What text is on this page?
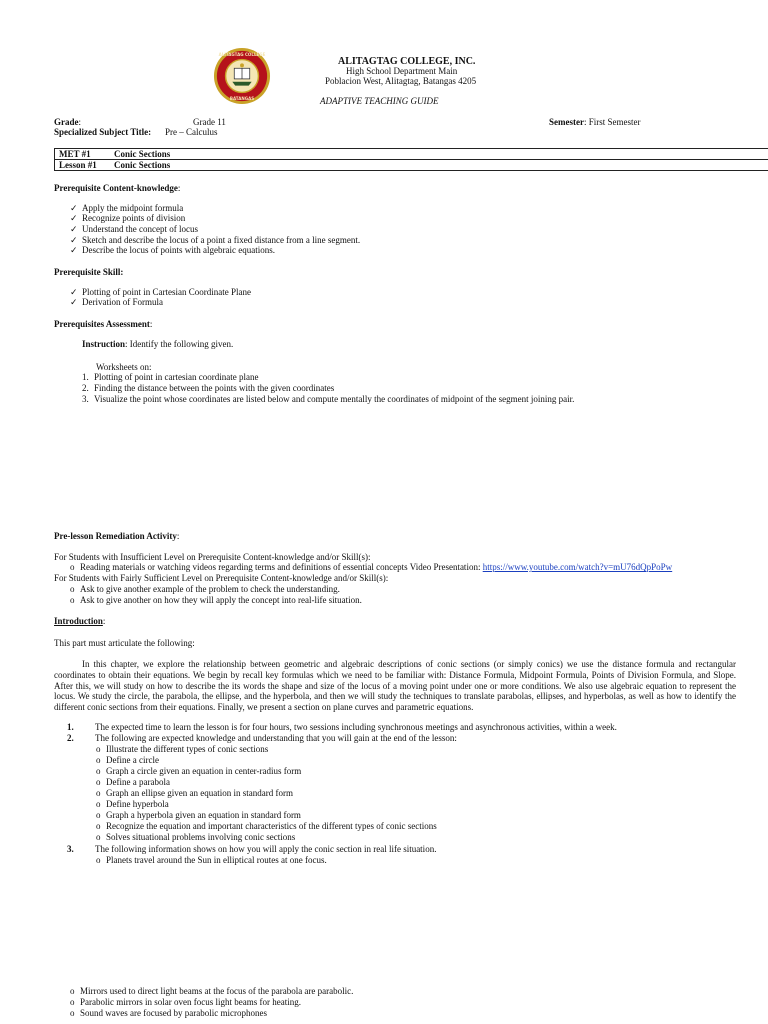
ALITAGTAG COLLEGE
BATANGAS
ALITAGTAG COLLEGE, INC.
High School Department Main
Poblacion West, Alitagtag, Batangas 4205
ADAPTIVE TEACHING GUIDE
Grade:	Grade 11	Semester: First Semester
Specialized Subject Title: Pre – Calculus
MET #1	Conic Sections
Lesson #1 Conic Sections
Prerequisite Content-knowledge:
✓ Apply the midpoint formula
✓ Recognize points of division
✓ Understand the concept of locus
✓ Sketch and describe the locus of a point a fixed distance from a line segment.
✓ Describe the locus of points with algebraic equations.
Prerequisite Skill:
✓ Plotting of point in Cartesian Coordinate Plane
✓ Derivation of Formula
Prerequisites Assessment:
Instruction: Identify the following given.
Worksheets on:
1. Plotting of point in cartesian coordinate plane
2. Finding the distance between the points with the given coordinates
3. Visualize the point whose coordinates are listed below and compute mentally the coordinates of midpoint of the segment joining pair.
Pre-lesson Remediation Activity:
For Students with Insufficient Level on Prerequisite Content-knowledge and/or Skill(s):
o Reading materials or watching videos regarding terms and definitions of essential concepts Video Presentation: https://www.youtube.com/watch?v=mU76dQpPoPw
For Students with Fairly Sufficient Level on Prerequisite Content-knowledge and/or Skill(s):
o Ask to give another example of the problem to check the understanding.
o Ask to give another on how they will apply the concept into real-life situation.
Introduction:
This part must articulate the following:
In this chapter, we explore the relationship between geometric and algebraic descriptions of conic sections (or simply conics) we use the distance formula and rectangular coordinates to obtain their equations. We begin by recall key formulas which we need to be familiar with: Distance Formula, Midpoint Formula, Points of Division Formula, and Slope. After this, we will study on how to describe the its words the shape and size of the locus of a moving point under one or more conditions. We also use algebraic equation to represent the locus. We study the circle, the parabola, the ellipse, and the hyperbola, and then we will study the techniques to translate parabolas, ellipses, and hyperbolas, as well as how to identify the different conic sections from their equations. Finally, we present a section on plane curves and parametric equations.
1. The expected time to learn the lesson is for four hours, two sessions including synchronous meetings and asynchronous activities, within a week.
2. The following are expected knowledge and understanding that you will gain at the end of the lesson:
o Illustrate the different types of conic sections
o Define a circle
o Graph a circle given an equation in center-radius form
o Define a parabola
o Graph an ellipse given an equation in standard form
o Define hyperbola
o Graph a hyperbola given an equation in standard form
o Recognize the equation and important characteristics of the different types of conic sections
o Solves situational problems involving conic sections
3. The following information shows on how you will apply the conic section in real life situation.
o Planets travel around the Sun in elliptical routes at one focus.
o Mirrors used to direct light beams at the focus of the parabola are parabolic.
o Parabolic mirrors in solar oven focus light beams for heating.
o Sound waves are focused by parabolic microphones
